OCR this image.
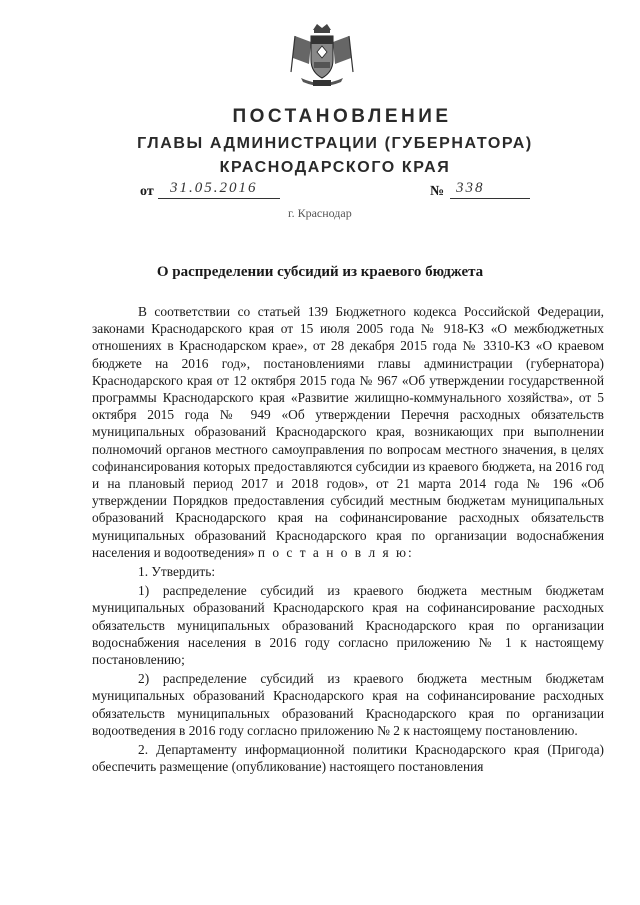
ПОСТАНОВЛЕНИЕ
ГЛАВЫ АДМИНИСТРАЦИИ (ГУБЕРНАТОРА)
КРАСНОДАРСКОГО КРАЯ
от 31.05.2016	№ 338
г. Краснодар
О распределении субсидий из краевого бюджета

В соответствии со статьей 139 Бюджетного кодекса Российской Федерации, законами Краснодарского края от 15 июля 2005 года № 918-КЗ «О межбюджетных отношениях в Краснодарском крае», от 28 декабря 2015 года № 3310-КЗ «О краевом бюджете на 2016 год», постановлениями главы администрации (губернатора) Краснодарского края от 12 октября 2015 года № 967 «Об утверждении государственной программы Краснодарского края «Развитие жилищно-коммунального хозяйства», от 5 октября 2015 года № 949 «Об утверждении Перечня расходных обязательств муниципальных образований Краснодарского края, возникающих при выполнении полномочий органов местного самоуправления по вопросам местного значения, в целях софинансирования которых предоставляются субсидии из краевого бюджета, на 2016 год и на плановый период 2017 и 2018 годов», от 21 марта 2014 года № 196 «Об утверждении Порядков предоставления субсидий местным бюджетам муниципальных образований Краснодарского края на софинансирование расходных обязательств муниципальных образований Краснодарского края по организации водоснабжения населения и водоотведения» п о с т а н о в л я ю:

1. Утвердить:

1) распределение субсидий из краевого бюджета местным бюджетам муниципальных образований Краснодарского края на софинансирование расходных обязательств муниципальных образований Краснодарского края по организации водоснабжения населения в 2016 году согласно приложению № 1 к настоящему постановлению;

2) распределение субсидий из краевого бюджета местным бюджетам муниципальных образований Краснодарского края на софинансирование расходных обязательств муниципальных образований Краснодарского края по организации водоотведения в 2016 году согласно приложению № 2 к настоящему постановлению.

2. Департаменту информационной политики Краснодарского края (Пригода) обеспечить размещение (опубликование) настоящего постановления
